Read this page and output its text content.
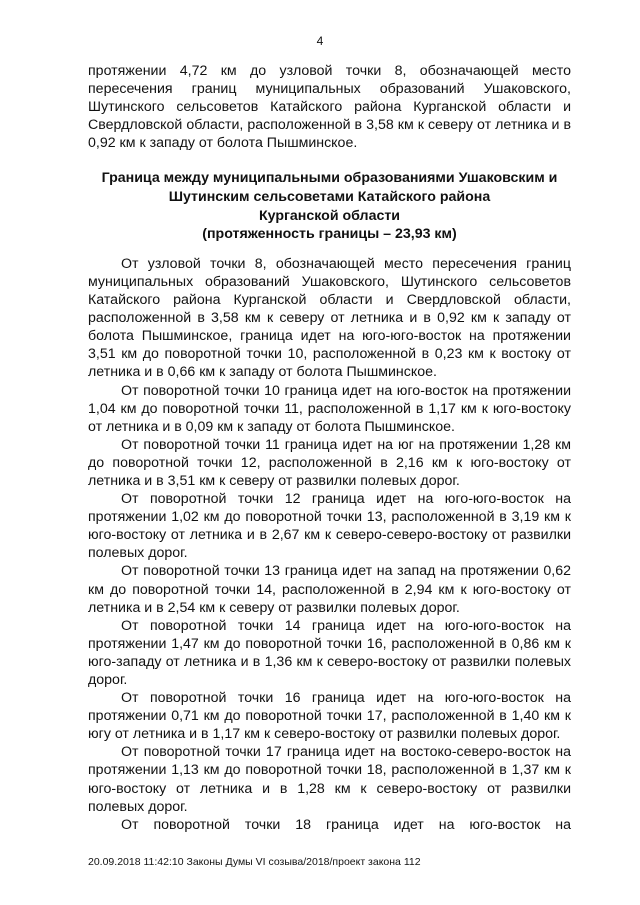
4

протяжении 4,72 км до узловой точки 8, обозначающей место пересечения границ муниципальных образований Ушаковского, Шутинского сельсоветов Катайского района Курганской области и Свердловской области, расположенной в 3,58 км к северу от летника и в 0,92 км к западу от болота Пышминское.

Граница между муниципальными образованиями Ушаковским и
Шутинским сельсоветами Катайского района
Курганской области
(протяженность границы – 23,93 км)

От узловой точки 8, обозначающей место пересечения границ муниципальных образований Ушаковского, Шутинского сельсоветов Катайского района Курганской области и Свердловской области, расположенной в 3,58 км к северу от летника и в 0,92 км к западу от болота Пышминское, граница идет на юго-юго-восток на протяжении 3,51 км до поворотной точки 10, расположенной в 0,23 км к востоку от летника и в 0,66 км к западу от болота Пышминское.

От поворотной точки 10 граница идет на юго-восток на протяжении 1,04 км до поворотной точки 11, расположенной в 1,17 км к юго-востоку от летника и в 0,09 км к западу от болота Пышминское.

От поворотной точки 11 граница идет на юг на протяжении 1,28 км до поворотной точки 12, расположенной в 2,16 км к юго-востоку от летника и в 3,51 км к северу от развилки полевых дорог.

От поворотной точки 12 граница идет на юго-юго-восток на протяжении 1,02 км до поворотной точки 13, расположенной в 3,19 км к юго-востоку от летника и в 2,67 км к северо-северо-востоку от развилки полевых дорог.

От поворотной точки 13 граница идет на запад на протяжении 0,62 км до поворотной точки 14, расположенной в 2,94 км к юго-востоку от летника и в 2,54 км к северу от развилки полевых дорог.

От поворотной точки 14 граница идет на юго-юго-восток на протяжении 1,47 км до поворотной точки 16, расположенной в 0,86 км к юго-западу от летника и в 1,36 км к северо-востоку от развилки полевых дорог.

От поворотной точки 16 граница идет на юго-юго-восток на протяжении 0,71 км до поворотной точки 17, расположенной в 1,40 км к югу от летника и в 1,17 км к северо-востоку от развилки полевых дорог.

От поворотной точки 17 граница идет на востоко-северо-восток на протяжении 1,13 км до поворотной точки 18, расположенной в 1,37 км к юго-востоку от летника и в 1,28 км к северо-востоку от развилки полевых дорог.

От поворотной точки 18 граница идет на юго-восток на

20.09.2018 11:42:10 Законы Думы VI созыва/2018/проект закона 112
